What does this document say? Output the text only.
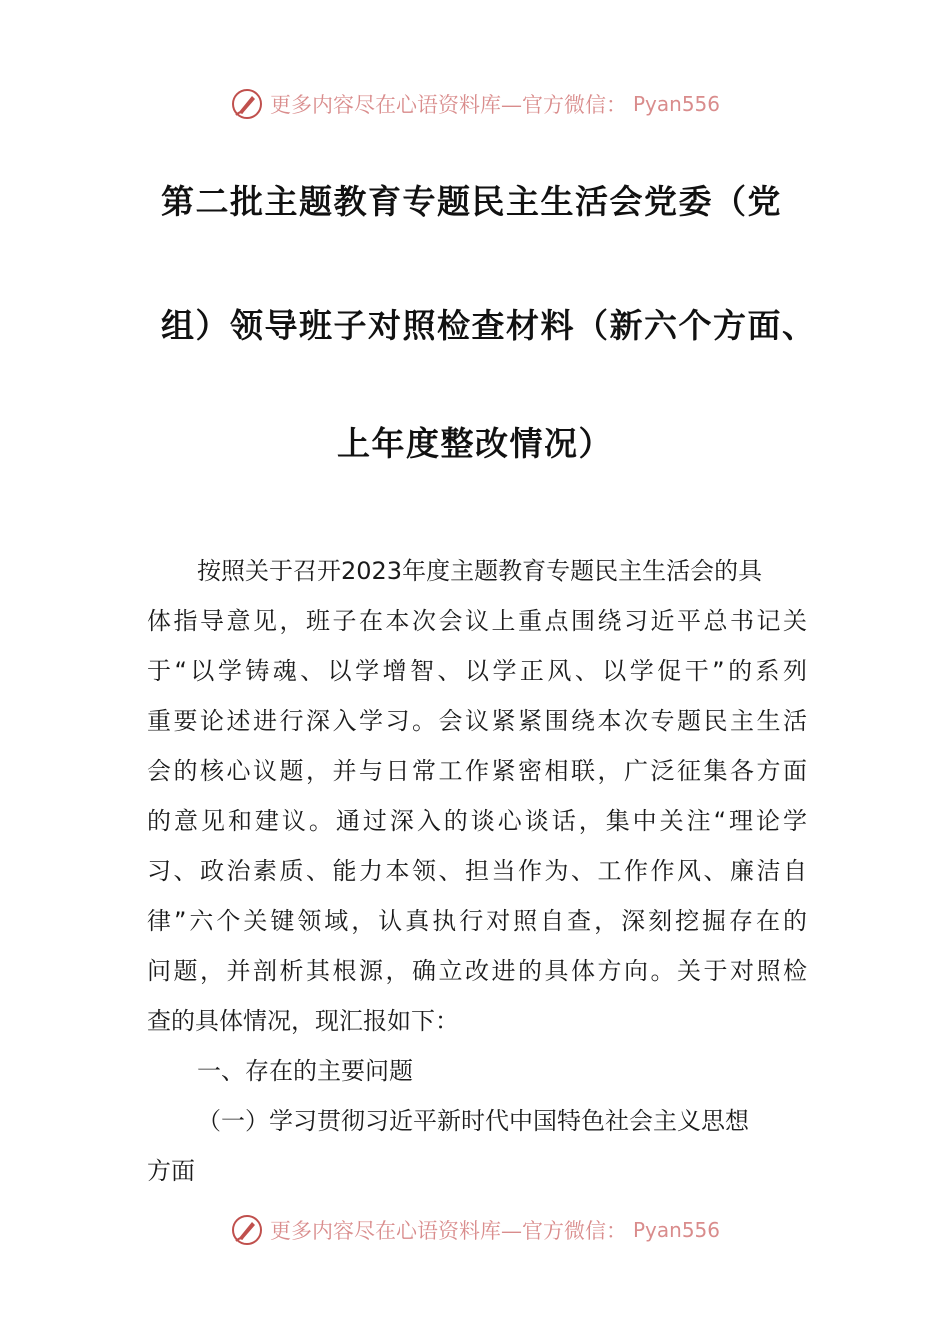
更多内容尽在心语资料库—官方微信： Pyan556
第二批主题教育专题民主生活会党委（党
组）领导班子对照检查材料（新六个方面、
上年度整改情况）
按照关于召开2023年度主题教育专题民主生活会的具
体指导意见，班子在本次会议上重点围绕习近平总书记关
于“以学铸魂、以学增智、以学正风、以学促干”的系列
重要论述进行深入学习。会议紧紧围绕本次专题民主生活
会的核心议题，并与日常工作紧密相联，广泛征集各方面
的意见和建议。通过深入的谈心谈话，集中关注“理论学
习、政治素质、能力本领、担当作为、工作作风、廉洁自
律”六个关键领域，认真执行对照自查，深刻挖掘存在的
问题，并剖析其根源，确立改进的具体方向。关于对照检
查的具体情况，现汇报如下：
一、存在的主要问题
（一）学习贯彻习近平新时代中国特色社会主义思想
方面
更多内容尽在心语资料库—官方微信： Pyan556
